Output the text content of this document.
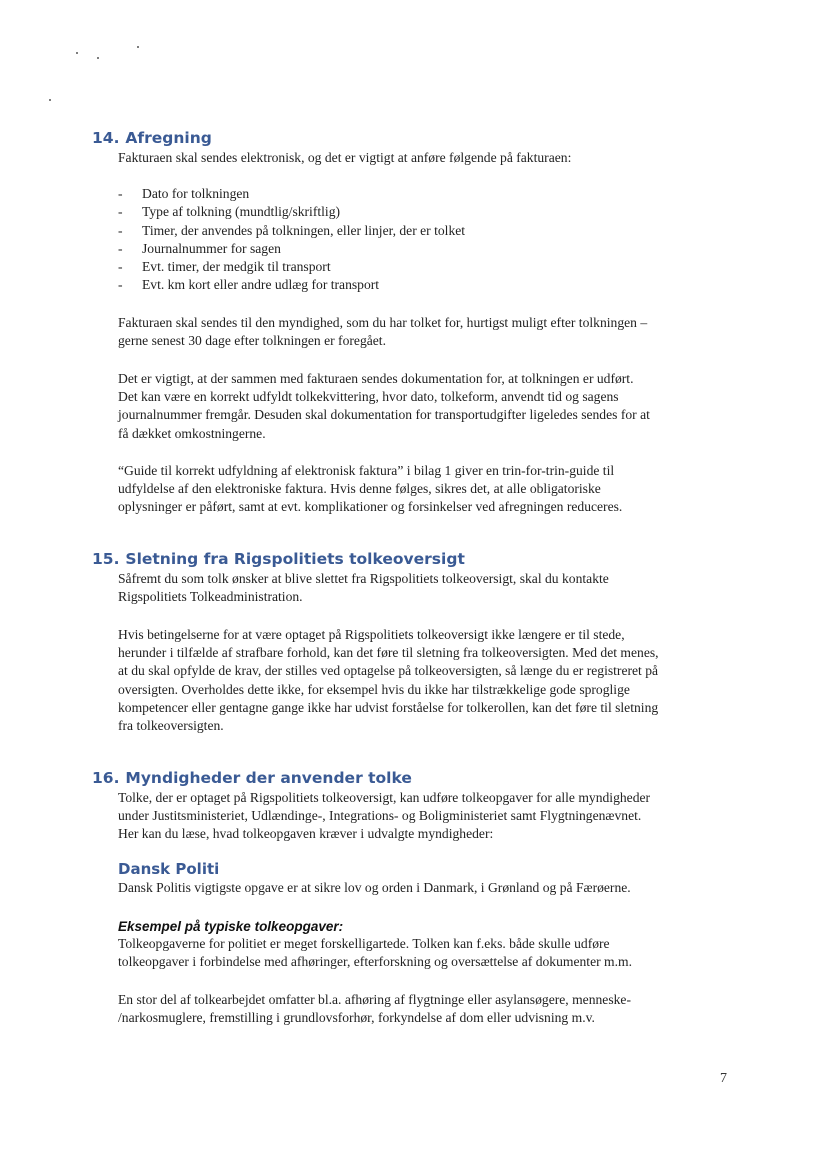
14. Afregning

Fakturaen skal sendes elektronisk, og det er vigtigt at anføre følgende på fakturaen:

- Dato for tolkningen
- Type af tolkning (mundtlig/skriftlig)
- Timer, der anvendes på tolkningen, eller linjer, der er tolket
- Journalnummer for sagen
- Evt. timer, der medgik til transport
- Evt. km kort eller andre udlæg for transport

Fakturaen skal sendes til den myndighed, som du har tolket for, hurtigst muligt efter tolkningen –
gerne senest 30 dage efter tolkningen er foregået.

Det er vigtigt, at der sammen med fakturaen sendes dokumentation for, at tolkningen er udført.
Det kan være en korrekt udfyldt tolkekvittering, hvor dato, tolkeform, anvendt tid og sagens
journalnummer fremgår. Desuden skal dokumentation for transportudgifter ligeledes sendes for at
få dækket omkostningerne.

“Guide til korrekt udfyldning af elektronisk faktura” i bilag 1 giver en trin-for-trin-guide til
udfyldelse af den elektroniske faktura. Hvis denne følges, sikres det, at alle obligatoriske
oplysninger er påført, samt at evt. komplikationer og forsinkelser ved afregningen reduceres.

15. Sletning fra Rigspolitiets tolkeoversigt

Såfremt du som tolk ønsker at blive slettet fra Rigspolitiets tolkeoversigt, skal du kontakte
Rigspolitiets Tolkeadministration.

Hvis betingelserne for at være optaget på Rigspolitiets tolkeoversigt ikke længere er til stede,
herunder i tilfælde af strafbare forhold, kan det føre til sletning fra tolkeoversigten. Med det menes,
at du skal opfylde de krav, der stilles ved optagelse på tolkeoversigten, så længe du er registreret på
oversigten. Overholdes dette ikke, for eksempel hvis du ikke har tilstrækkelige gode sproglige
kompetencer eller gentagne gange ikke har udvist forståelse for tolkerollen, kan det føre til sletning
fra tolkeoversigten.

16. Myndigheder der anvender tolke

Tolke, der er optaget på Rigspolitiets tolkeoversigt, kan udføre tolkeopgaver for alle myndigheder
under Justitsministeriet, Udlændinge-, Integrations- og Boligministeriet samt Flygtningenævnet.
Her kan du læse, hvad tolkeopgaven kræver i udvalgte myndigheder:

Dansk Politi

Dansk Politis vigtigste opgave er at sikre lov og orden i Danmark, i Grønland og på Færøerne.

Eksempel på typiske tolkeopgaver:

Tolkeopgaverne for politiet er meget forskelligartede. Tolken kan f.eks. både skulle udføre
tolkeopgaver i forbindelse med afhøringer, efterforskning og oversættelse af dokumenter m.m.

En stor del af tolkearbejdet omfatter bl.a. afhøring af flygtninge eller asylansøgere, menneske-
/narkosmuglere, fremstilling i grundlovsforhør, forkyndelse af dom eller udvisning m.v.

7
